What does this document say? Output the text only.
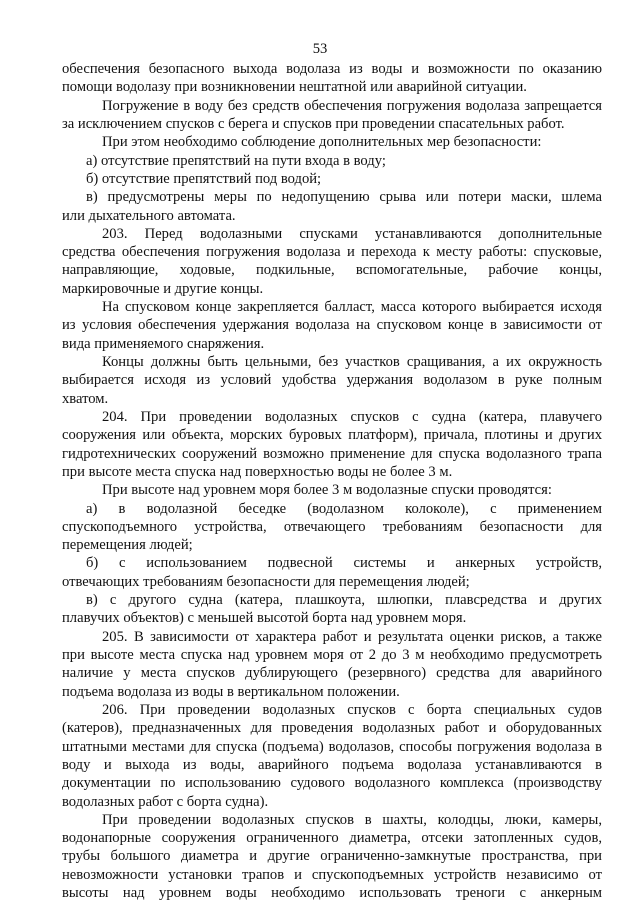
53
обеспечения безопасного выхода водолаза из воды и возможности по оказанию
помощи водолазу при возникновении нештатной или аварийной ситуации.
Погружение в воду без средств обеспечения погружения водолаза запрещается
за исключением спусков с берега и спусков при проведении спасательных работ.
При этом необходимо соблюдение дополнительных мер безопасности:
а) отсутствие препятствий на пути входа в воду;
б) отсутствие препятствий под водой;
в) предусмотрены меры по недопущению срыва или потери маски, шлема
или дыхательного автомата.
203. Перед водолазными спусками устанавливаются дополнительные
средства обеспечения погружения водолаза и перехода к месту работы: спусковые,
направляющие, ходовые, подкильные, вспомогательные, рабочие концы,
маркировочные и другие концы.
На спусковом конце закрепляется балласт, масса которого выбирается исходя
из условия обеспечения удержания водолаза на спусковом конце в зависимости от
вида применяемого снаряжения.
Концы должны быть цельными, без участков сращивания, а их окружность
выбирается исходя из условий удобства удержания водолазом в руке полным
хватом.
204. При проведении водолазных спусков с судна (катера, плавучего
сооружения или объекта, морских буровых платформ), причала, плотины и других
гидротехнических сооружений возможно применение для спуска водолазного трапа
при высоте места спуска над поверхностью воды не более 3 м.
При высоте над уровнем моря более 3 м водолазные спуски проводятся:
а) в водолазной беседке (водолазном колоколе), с применением
спускоподъемного устройства, отвечающего требованиям безопасности для
перемещения людей;
б) с использованием подвесной системы и анкерных устройств,
отвечающих требованиям безопасности для перемещения людей;
в) с другого судна (катера, плашкоута, шлюпки, плавсредства и других
плавучих объектов) с меньшей высотой борта над уровнем моря.
205. В зависимости от характера работ и результата оценки рисков, а также
при высоте места спуска над уровнем моря от 2 до 3 м необходимо предусмотреть
наличие у места спусков дублирующего (резервного) средства для аварийного
подъема водолаза из воды в вертикальном положении.
206. При проведении водолазных спусков с борта специальных судов
(катеров), предназначенных для проведения водолазных работ и оборудованных
штатными местами для спуска (подъема) водолазов, способы погружения водолаза в
воду и выхода из воды, аварийного подъема водолаза устанавливаются в
документации по использованию судового водолазного комплекса (производству
водолазных работ с борта судна).
При проведении водолазных спусков в шахты, колодцы, люки, камеры,
водонапорные сооружения ограниченного диаметра, отсеки затопленных судов,
трубы большого диаметра и другие ограниченно-замкнутые пространства, при
невозможности установки трапов и спускоподъемных устройств независимо от
высоты над уровнем воды необходимо использовать треноги с анкерным
